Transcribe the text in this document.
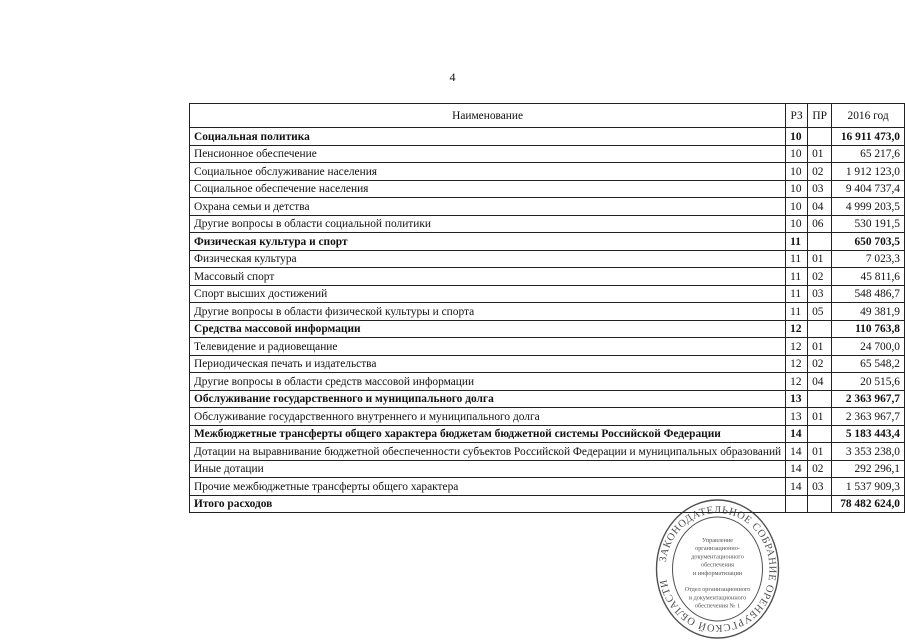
4
Наименование	РЗ	ПР	2016 год
Социальная политика	10		16 911 473,0
Пенсионное обеспечение	10	01	65 217,6
Социальное обслуживание населения	10	02	1 912 123,0
Социальное обеспечение населения	10	03	9 404 737,4
Охрана семьи и детства	10	04	4 999 203,5
Другие вопросы в области социальной политики	10	06	530 191,5
Физическая культура и спорт	11		650 703,5
Физическая культура	11	01	7 023,3
Массовый спорт	11	02	45 811,6
Спорт высших достижений	11	03	548 486,7
Другие вопросы в области физической культуры и спорта	11	05	49 381,9
Средства массовой информации	12		110 763,8
Телевидение и радиовещание	12	01	24 700,0
Периодическая печать и издательства	12	02	65 548,2
Другие вопросы в области средств массовой информации	12	04	20 515,6
Обслуживание государственного и муниципального долга	13		2 363 967,7
Обслуживание государственного внутреннего и муниципального долга	13	01	2 363 967,7
Межбюджетные трансферты общего характера бюджетам бюджетной системы Российской Федерации	14		5 183 443,4
Дотации на выравнивание бюджетной обеспеченности субъектов Российской Федерации и муниципальных образований	14	01	3 353 238,0
Иные дотации	14	02	292 296,1
Прочие межбюджетные трансферты общего характера	14	03	1 537 909,3
Итого расходов			78 482 624,0
ЗАКОНОДАТЕЛЬНОЕ СОБРАНИЕ ОРЕНБУРГСКОЙ ОБЛАСТИ
Управление
организационно-
документационного
обеспечения
и информатизации
Отдел организационного
и документационного
обеспечения № 1
